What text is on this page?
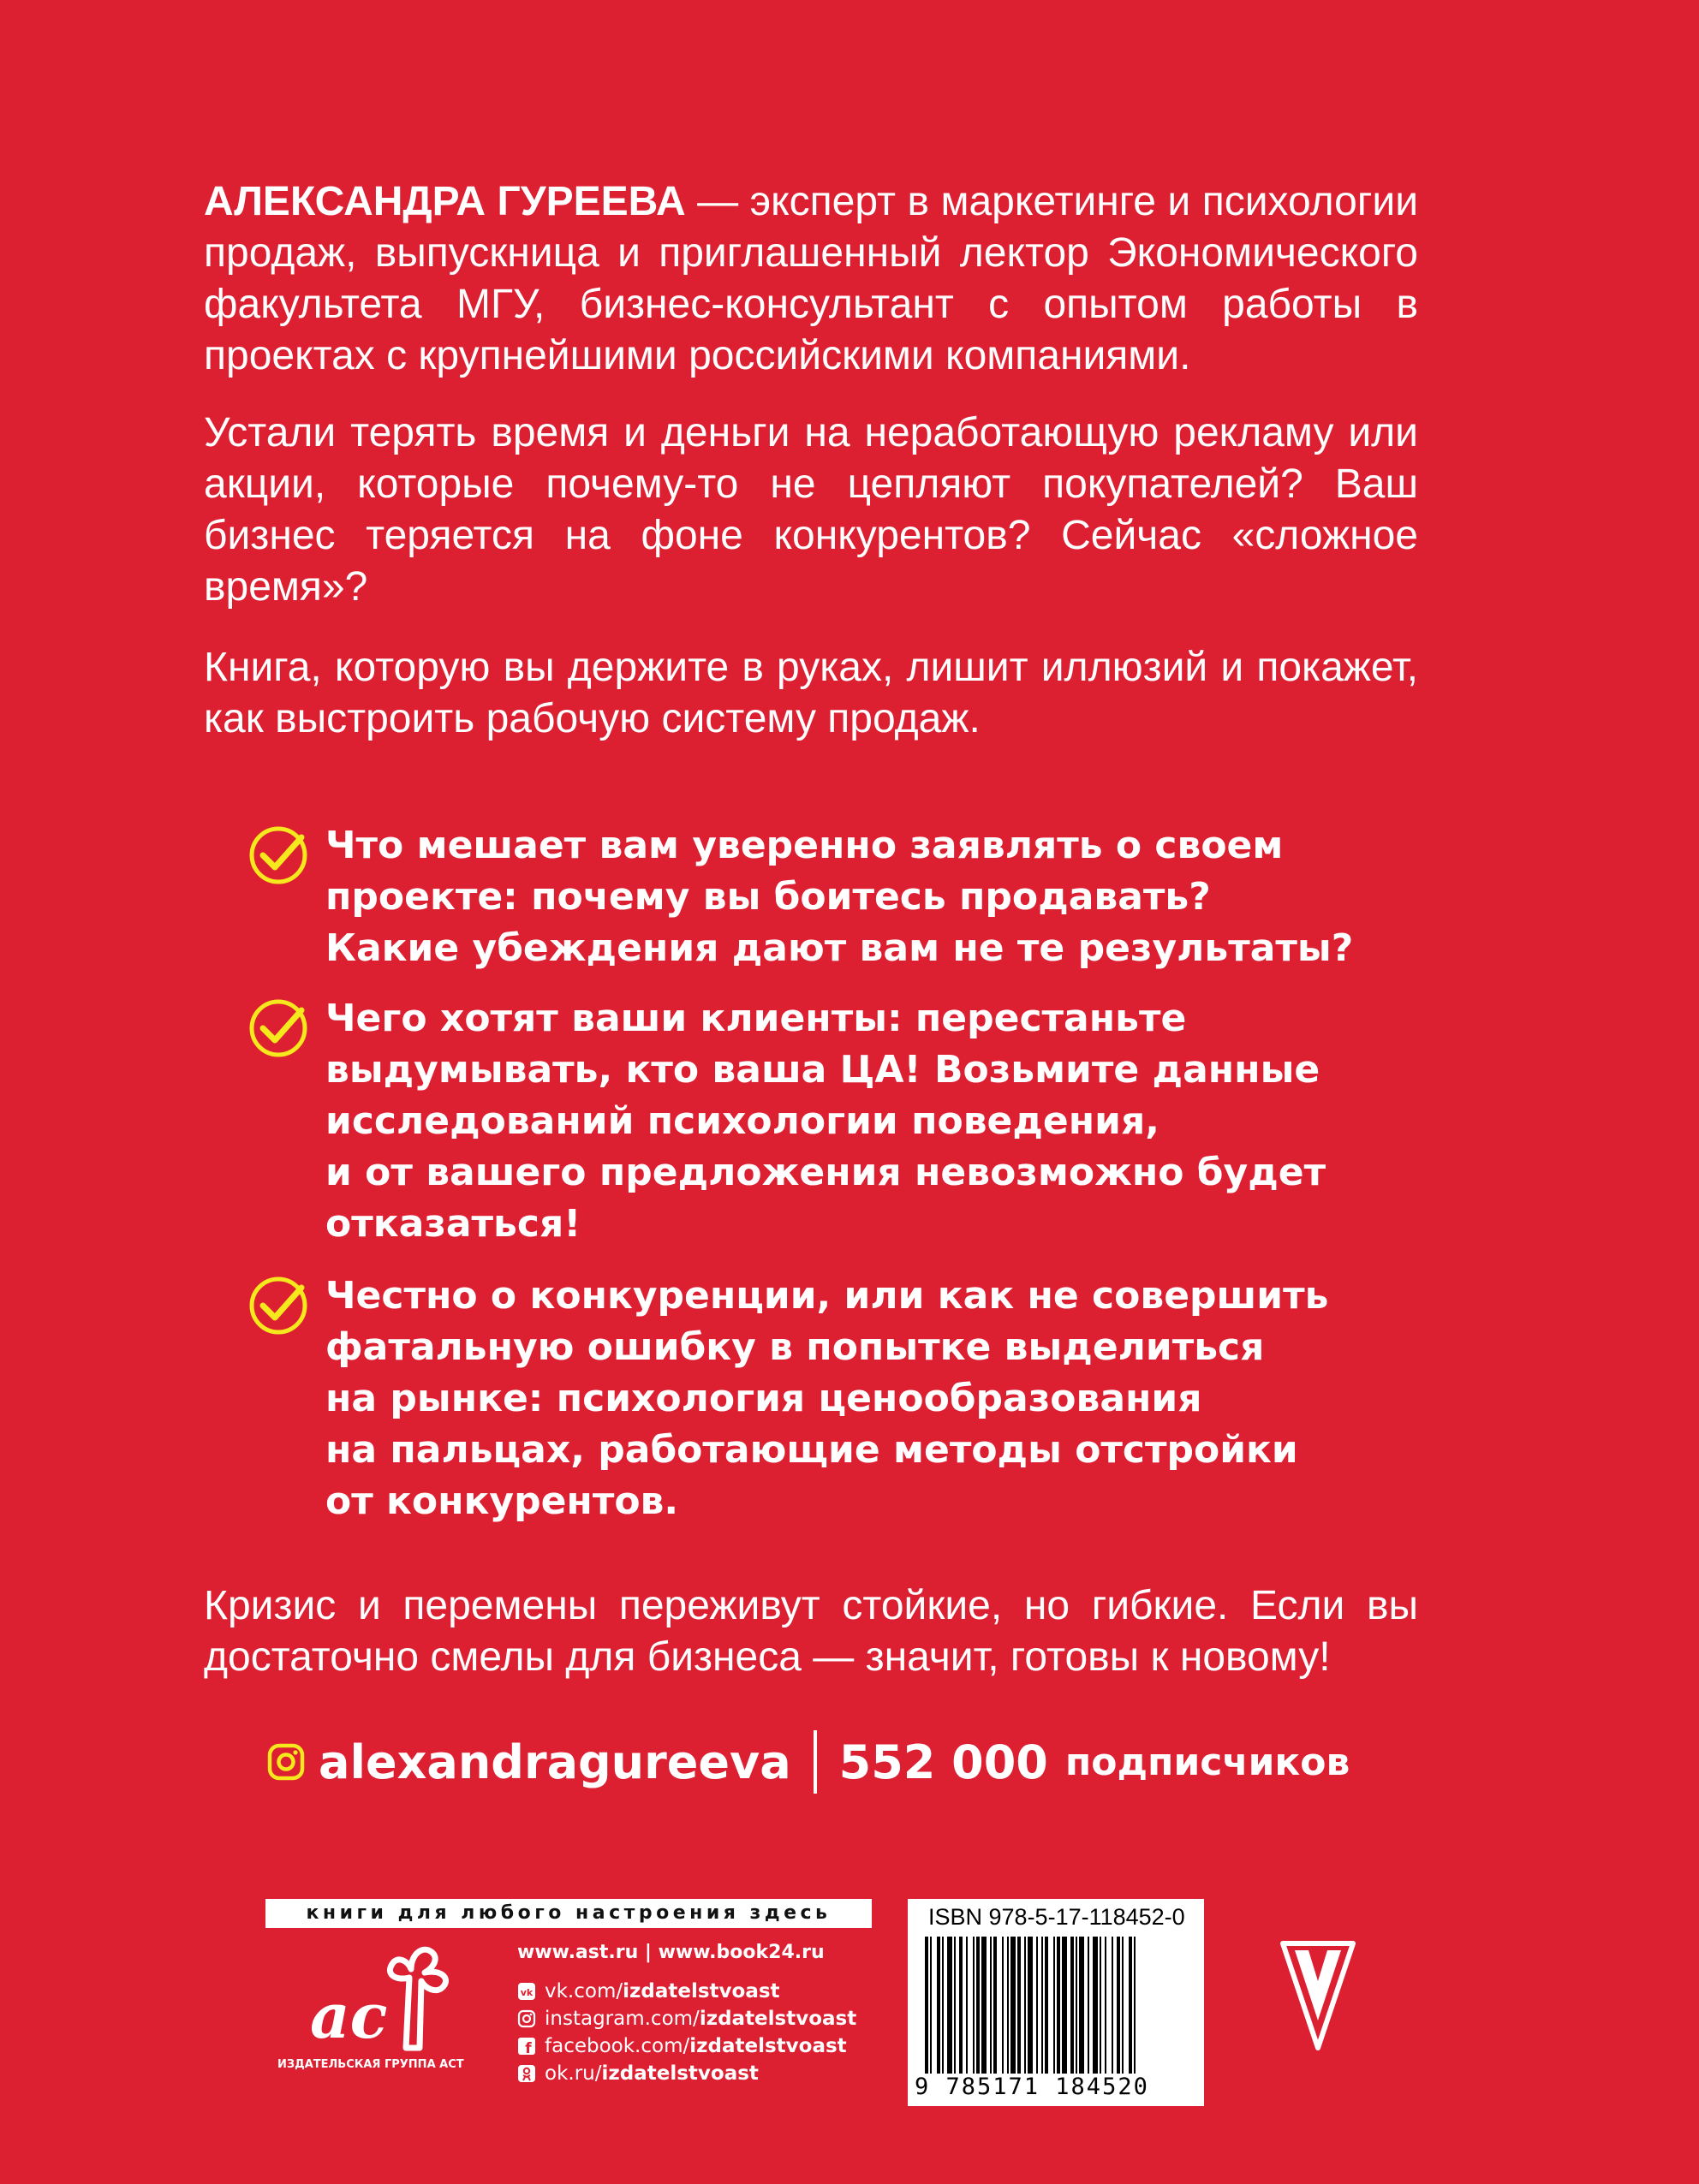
АЛЕКСАНДРА ГУРЕЕВА — эксперт в маркетинге и психологии продаж, выпускница и приглашенный лектор Экономического факультета МГУ, бизнес-консультант с опытом работы в проектах с крупнейшими российскими компаниями.
Устали терять время и деньги на неработающую рекламу или акции, которые почему-то не цепляют покупателей? Ваш бизнес теряется на фоне конкурентов? Сейчас «сложное время»?
Книга, которую вы держите в руках, лишит иллюзий и покажет, как выстроить рабочую систему продаж.
Что мешает вам уверенно заявлять о своем
проекте: почему вы боитесь продавать?
Какие убеждения дают вам не те результаты?
Чего хотят ваши клиенты: перестаньте
выдумывать, кто ваша ЦА! Возьмите данные
исследований психологии поведения,
и от вашего предложения невозможно будет
отказаться!
Честно о конкуренции, или как не совершить
фатальную ошибку в попытке выделиться
на рынке: психология ценообразования
на пальцах, работающие методы отстройки
от конкурентов.
Кризис и перемены переживут стойкие, но гибкие. Если вы достаточно смелы для бизнеса — значит, готовы к новому!
alexandragureeva 552 000 подписчиков
книги для любого настроения здесь
ас
ИЗДАТЕЛЬСКАЯ ГРУППА АСТ
www.ast.ru | www.book24.ru
vk vk.com/ izdatelstvoast
instagram.com/ izdatelstvoast
f facebook.com/ izdatelstvoast
ok.ru/ izdatelstvoast
ISBN 978-5-17-118452-0
9 785171 184520
